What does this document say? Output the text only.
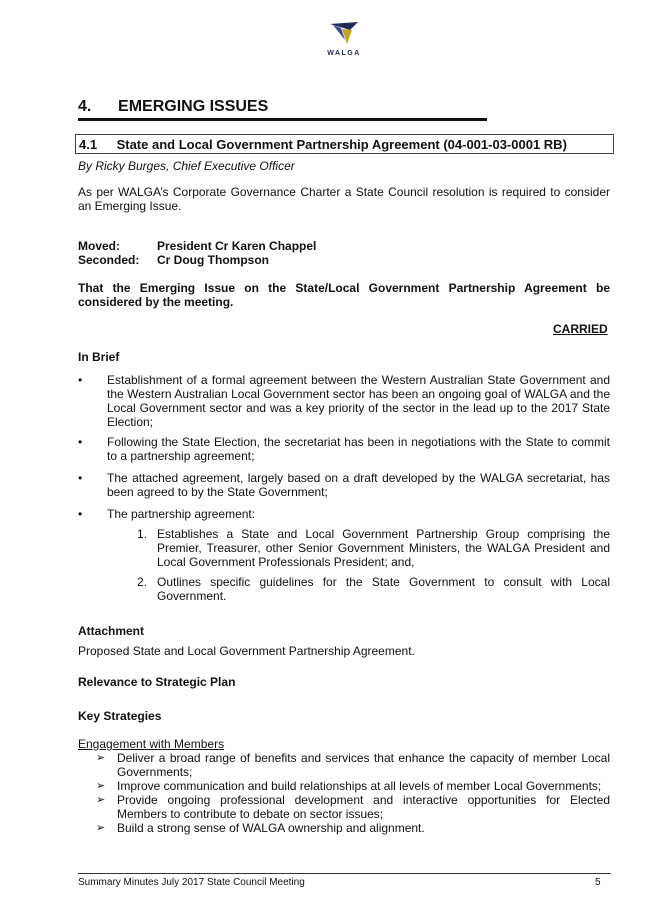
WALGA
4. EMERGING ISSUES
4.1  State and Local Government Partnership Agreement (04-001-03-0001 RB)
By Ricky Burges, Chief Executive Officer
As per WALGA’s Corporate Governance Charter a State Council resolution is required to consider an Emerging Issue.
Moved:	President Cr Karen Chappel
Seconded: Cr Doug Thompson
That the Emerging Issue on the State/Local Government Partnership Agreement be considered by the meeting.
CARRIED
In Brief
• Establishment of a formal agreement between the Western Australian State Government and the Western Australian Local Government sector has been an ongoing goal of WALGA and the Local Government sector and was a key priority of the sector in the lead up to the 2017 State Election;
• Following the State Election, the secretariat has been in negotiations with the State to commit to a partnership agreement;
• The attached agreement, largely based on a draft developed by the WALGA secretariat, has been agreed to by the State Government;
• The partnership agreement:
1. Establishes a State and Local Government Partnership Group comprising the Premier, Treasurer, other Senior Government Ministers, the WALGA President and Local Government Professionals President; and,
2. Outlines specific guidelines for the State Government to consult with Local Government.
Attachment
Proposed State and Local Government Partnership Agreement.
Relevance to Strategic Plan
Key Strategies
Engagement with Members
➢ Deliver a broad range of benefits and services that enhance the capacity of member Local Governments;
➢ Improve communication and build relationships at all levels of member Local Governments;
➢ Provide ongoing professional development and interactive opportunities for Elected Members to contribute to debate on sector issues;
➢ Build a strong sense of WALGA ownership and alignment.
Summary Minutes July 2017 State Council Meeting	5
